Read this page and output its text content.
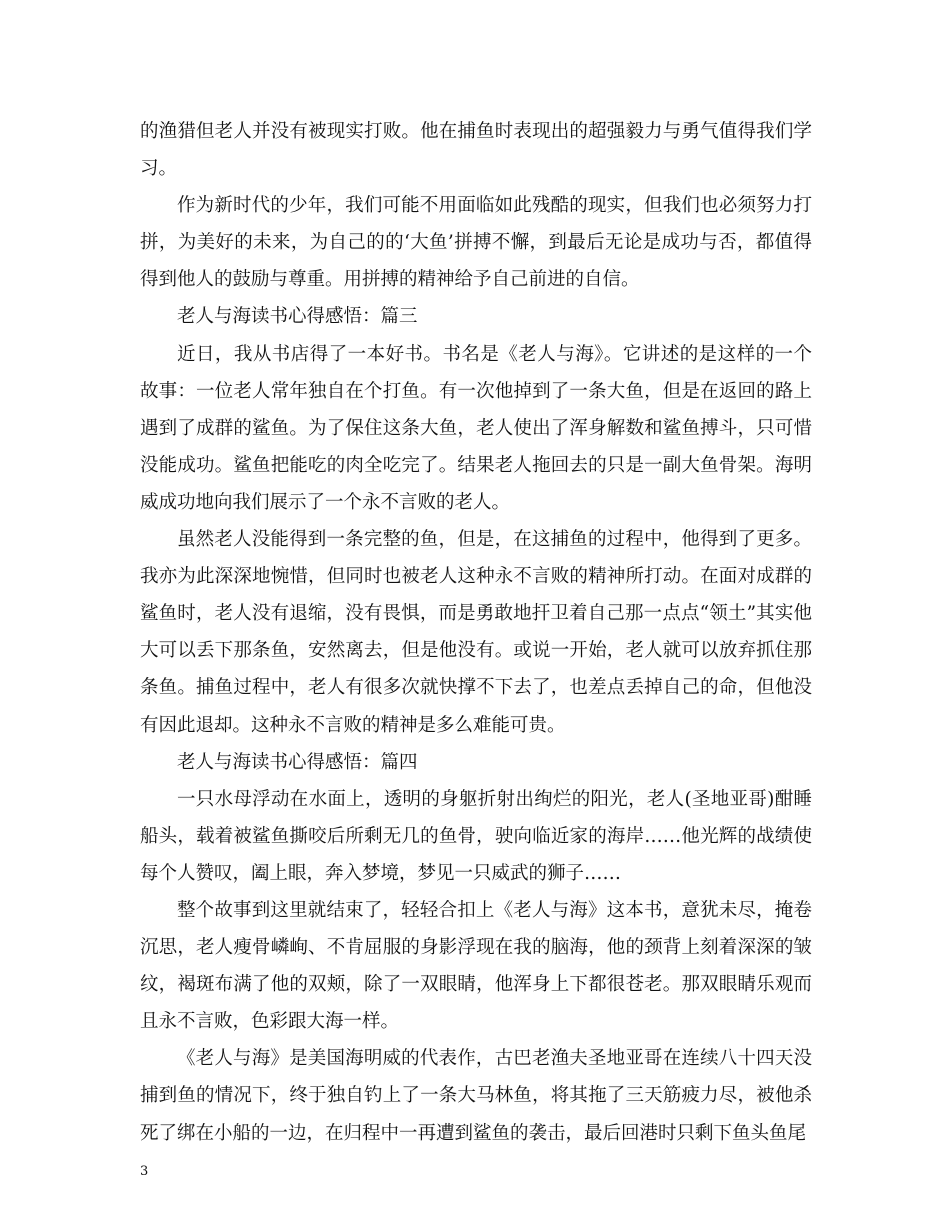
的渔猎但老人并没有被现实打败。他在捕鱼时表现出的超强毅力与勇气值得我们学习。

作为新时代的少年，我们可能不用面临如此残酷的现实，但我们也必须努力打拼，为美好的未来，为自己的的‘大鱼’拼搏不懈，到最后无论是成功与否，都值得得到他人的鼓励与尊重。用拼搏的精神给予自己前进的自信。

老人与海读书心得感悟：篇三

近日，我从书店得了一本好书。书名是《老人与海》。它讲述的是这样的一个故事：一位老人常年独自在个打鱼。有一次他掉到了一条大鱼，但是在返回的路上遇到了成群的鲨鱼。为了保住这条大鱼，老人使出了浑身解数和鲨鱼搏斗，只可惜没能成功。鲨鱼把能吃的肉全吃完了。结果老人拖回去的只是一副大鱼骨架。海明威成功地向我们展示了一个永不言败的老人。

虽然老人没能得到一条完整的鱼，但是，在这捕鱼的过程中，他得到了更多。我亦为此深深地惋惜，但同时也被老人这种永不言败的精神所打动。在面对成群的鲨鱼时，老人没有退缩，没有畏惧，而是勇敢地扞卫着自己那一点点“领土”其实他大可以丢下那条鱼，安然离去，但是他没有。或说一开始，老人就可以放弃抓住那条鱼。捕鱼过程中，老人有很多次就快撑不下去了，也差点丢掉自己的命，但他没有因此退却。这种永不言败的精神是多么难能可贵。

老人与海读书心得感悟：篇四

一只水母浮动在水面上，透明的身躯折射出绚烂的阳光，老人(圣地亚哥)酣睡船头，载着被鲨鱼撕咬后所剩无几的鱼骨，驶向临近家的海岸……他光辉的战绩使每个人赞叹，阖上眼，奔入梦境，梦见一只威武的狮子……

整个故事到这里就结束了，轻轻合扣上《老人与海》这本书，意犹未尽，掩卷沉思，老人瘦骨嶙峋、不肯屈服的身影浮现在我的脑海，他的颈背上刻着深深的皱纹，褐斑布满了他的双颊，除了一双眼睛，他浑身上下都很苍老。那双眼睛乐观而且永不言败，色彩跟大海一样。

《老人与海》是美国海明威的代表作，古巴老渔夫圣地亚哥在连续八十四天没捕到鱼的情况下，终于独自钓上了一条大马林鱼，将其拖了三天筋疲力尽，被他杀死了绑在小船的一边，在归程中一再遭到鲨鱼的袭击，最后回港时只剩下鱼头鱼尾

3
